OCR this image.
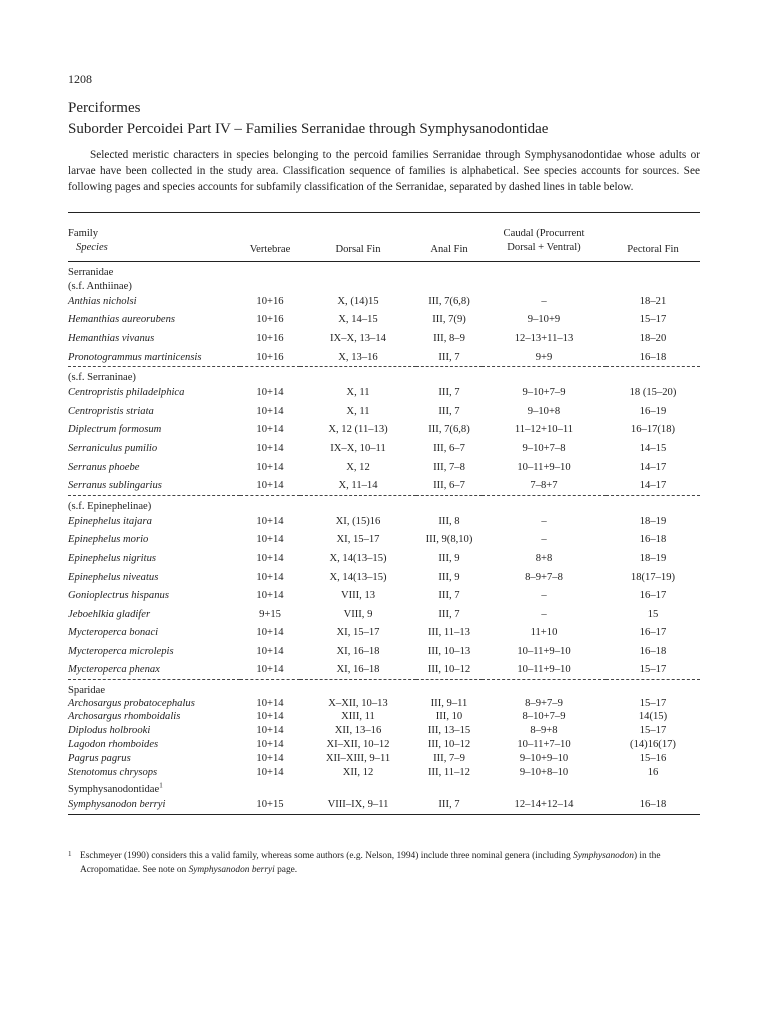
1208
Perciformes
Suborder Percoidei Part IV – Families Serranidae through Symphysanodontidae

Selected meristic characters in species belonging to the percoid families Serranidae through Symphysanodontidae whose adults or larvae have been collected in the study area. Classification sequence of families is alphabetical. See species accounts for sources. See following pages and species accounts for subfamily classification of the Serranidae, separated by dashed lines in table below.

Family
Species	Vertebrae	Dorsal Fin	Anal Fin	Caudal (Procurrent
Dorsal + Ventral)	Pectoral Fin
Serranidae					
(s.f. Anthiinae)					
Anthias nicholsi	10+16	X, (14)15	III, 7(6,8)	–	18–21
Hemanthias aureorubens	10+16	X, 14–15	III, 7(9)	9–10+9	15–17
Hemanthias vivanus	10+16	IX–X, 13–14	III, 8–9	12–13+11–13	18–20
Pronotogrammus martinicensis	10+16	X, 13–16	III, 7	9+9	16–18
(s.f. Serraninae)					
Centropristis philadelphica	10+14	X, 11	III, 7	9–10+7–9	18 (15–20)
Centropristis striata	10+14	X, 11	III, 7	9–10+8	16–19
Diplectrum formosum	10+14	X, 12 (11–13)	III, 7(6,8)	11–12+10–11	16–17(18)
Serraniculus pumilio	10+14	IX–X, 10–11	III, 6–7	9–10+7–8	14–15
Serranus phoebe	10+14	X, 12	III, 7–8	10–11+9–10	14–17
Serranus sublingarius	10+14	X, 11–14	III, 6–7	7–8+7	14–17
(s.f. Epinephelinae)					
Epinephelus itajara	10+14	XI, (15)16	III, 8	–	18–19
Epinephelus morio	10+14	XI, 15–17	III, 9(8,10)	–	16–18
Epinephelus nigritus	10+14	X, 14(13–15)	III, 9	8+8	18–19
Epinephelus niveatus	10+14	X, 14(13–15)	III, 9	8–9+7–8	18(17–19)
Gonioplectrus hispanus	10+14	VIII, 13	III, 7	–	16–17
Jeboehlkia gladifer	9+15	VIII, 9	III, 7	–	15
Mycteroperca bonaci	10+14	XI, 15–17	III, 11–13	11+10	16–17
Mycteroperca microlepis	10+14	XI, 16–18	III, 10–13	10–11+9–10	16–18
Mycteroperca phenax	10+14	XI, 16–18	III, 10–12	10–11+9–10	15–17
Sparidae					
Archosargus probatocephalus	10+14	X–XII, 10–13	III, 9–11	8–9+7–9	15–17
Archosargus rhomboidalis	10+14	XIII, 11	III, 10	8–10+7–9	14(15)
Diplodus holbrooki	10+14	XII, 13–16	III, 13–15	8–9+8	15–17
Lagodon rhomboides	10+14	XI–XII, 10–12	III, 10–12	10–11+7–10	(14)16(17)
Pagrus pagrus	10+14	XII–XIII, 9–11	III, 7–9	9–10+9–10	15–16
Stenotomus chrysops	10+14	XII, 12	III, 11–12	9–10+8–10	16
Symphysanodontidae$^1$
Symphysanodon berryi	10+15	VIII–IX, 9–11	III, 7	12–14+12–14	16–18

1 Eschmeyer (1990) considers this a valid family, whereas some authors (e.g. Nelson, 1994) include three nominal genera (including Symphysanodon) in the Acropomatidae. See note on Symphysanodon berryi page.
